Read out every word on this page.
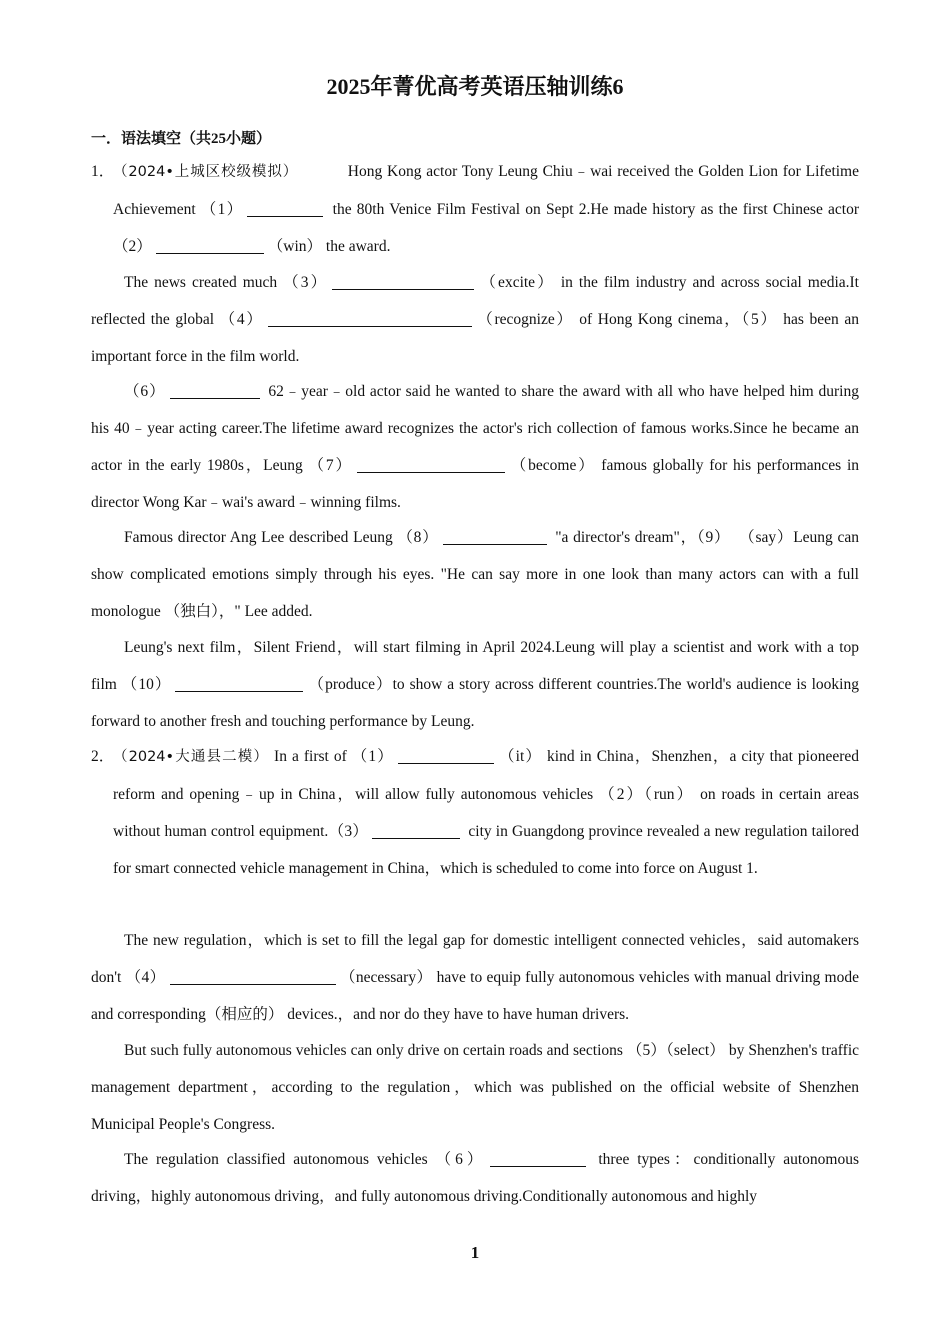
2025年菁优高考英语压轴训练6
一．语法填空（共25小题）
1．
（2024•上城区校级模拟）	Hong Kong actor Tony Leung Chiu﹣wai received the Golden Lion for Lifetime Achievement （1）	the 80th Venice Film Festival on Sept 2.He made history as the first Chinese actor （2）	（win） the award.
The news created much （3）	（excite） in the film industry and across social media.It reflected the global （4）	（recognize） of Hong Kong cinema，（5） has been an important force in the film world.
（6）	62﹣year﹣old actor said he wanted to share the award with all who have helped him during his 40﹣year acting career.The lifetime award recognizes the actor's rich collection of famous works.Since he became an actor in the early 1980s，Leung （7）	（become） famous globally for his performances in director Wong Kar﹣wai's award﹣winning films.
Famous director Ang Lee described Leung （8）	"a director's dream"，（9） （say）Leung can show complicated emotions simply through his eyes. "He can say more in one look than many actors can with a full monologue （独白），" Lee added.
Leung's next film，Silent Friend，will start filming in April 2024.Leung will play a scientist and work with a top film （10）	（produce）to show a story across different countries.The world's audience is looking forward to another fresh and touching performance by Leung.
2．
（2024•大通县二模） In a first of （1）	（it） kind in China，Shenzhen，a city that pioneered reform and opening﹣up in China，will allow fully autonomous vehicles （2）（run） on roads in certain areas without human control equipment.（3）	city in Guangdong province revealed a new regulation tailored for smart connected vehicle management in China，which is scheduled to come into force on August 1.
The new regulation，which is set to fill the legal gap for domestic intelligent connected vehicles，said automakers don't （4）	（necessary） have to equip fully autonomous vehicles with manual driving mode and corresponding（相应的） devices.，and nor do they have to have human drivers.
But such fully autonomous vehicles can only drive on certain roads and sections （5）（select） by Shenzhen's traffic management department，according to the regulation，which was published on the official website of Shenzhen Municipal People's Congress.
The regulation classified autonomous vehicles （6）	three types：conditionally autonomous driving，highly autonomous driving，and fully autonomous driving.Conditionally autonomous and highly
1
